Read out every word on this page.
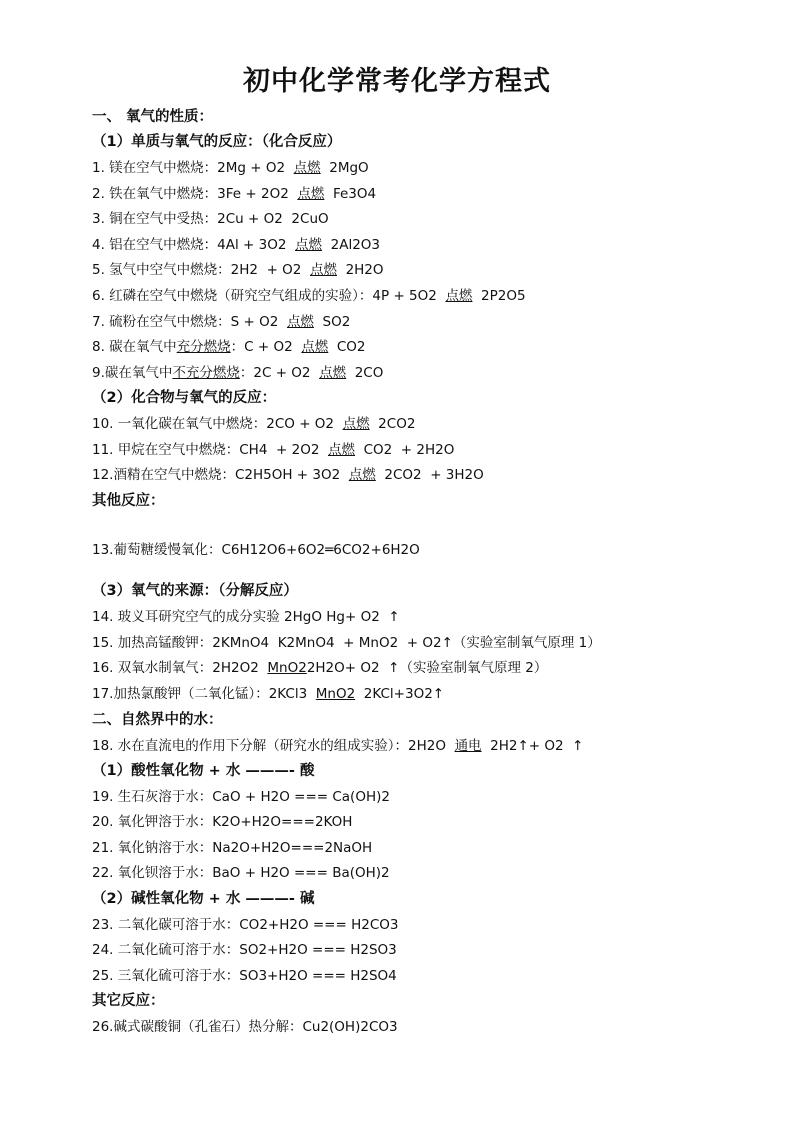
初中化学常考化学方程式
一、 氧气的性质：
（1）单质与氧气的反应：（化合反应）
1. 镁在空气中燃烧：2Mg + O2  点燃  2MgO
2. 铁在氧气中燃烧：3Fe + 2O2  点燃  Fe3O4
3. 铜在空气中受热：2Cu + O2  2CuO
4. 铝在空气中燃烧：4Al + 3O2  点燃  2Al2O3
5. 氢气中空气中燃烧：2H2  + O2  点燃  2H2O
6. 红磷在空气中燃烧（研究空气组成的实验）：4P + 5O2  点燃  2P2O5
7. 硫粉在空气中燃烧：S + O2  点燃  SO2
8. 碳在氧气中充分燃烧：C + O2  点燃  CO2
9.碳在氧气中不充分燃烧：2C + O2  点燃  2CO
（2）化合物与氧气的反应：
10. 一氧化碳在氧气中燃烧：2CO + O2  点燃  2CO2
11. 甲烷在空气中燃烧：CH4  + 2O2  点燃  CO2  + 2H2O
12.酒精在空气中燃烧：C2H5OH + 3O2  点燃  2CO2  + 3H2O
其他反应：
13.葡萄糖缓慢氧化：C6H12O6+6O2═6CO2+6H2O
（3）氧气的来源：（分解反应）
14. 玻义耳研究空气的成分实验 2HgO Hg+ O2  ↑
15. 加热高锰酸钾：2KMnO4  K2MnO4  + MnO2  + O2↑（实验室制氧气原理 1）
16. 双氧水制氧气：2H2O2  MnO22H2O+ O2  ↑（实验室制氧气原理 2）
17.加热氯酸钾（二氧化锰）：2KCl3  MnO2  2KCl+3O2↑
二、自然界中的水：
18. 水在直流电的作用下分解（研究水的组成实验）：2H2O  通电  2H2↑+ O2  ↑
（1）酸性氧化物 + 水 ———- 酸
19. 生石灰溶于水：CaO + H2O === Ca(OH)2
20. 氧化钾溶于水：K2O+H2O===2KOH
21. 氧化钠溶于水：Na2O+H2O===2NaOH
22. 氧化钡溶于水：BaO + H2O === Ba(OH)2
（2）碱性氧化物 + 水 ———- 碱
23. 二氧化碳可溶于水：CO2+H2O === H2CO3
24. 二氧化硫可溶于水：SO2+H2O === H2SO3
25. 三氧化硫可溶于水：SO3+H2O === H2SO4
其它反应：
26.碱式碳酸铜（孔雀石）热分解：Cu2(OH)2CO3
